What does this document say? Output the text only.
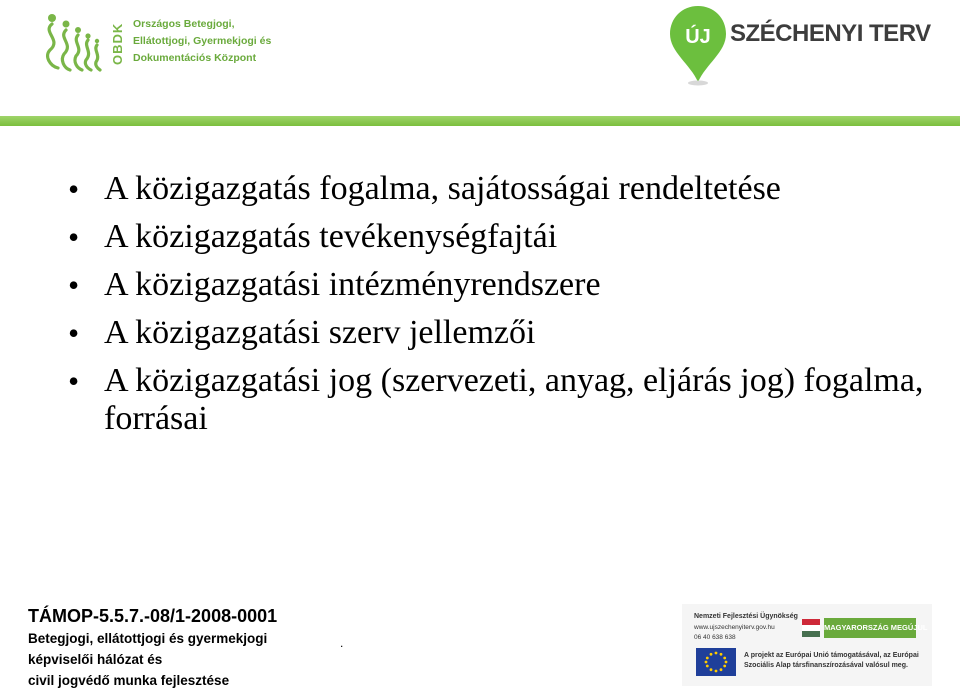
OBDK Országos Betegjogi,
Ellátottjogi, Gyermekjogi és
Dokumentációs Központ
ÚJ SZÉCHENYI TERV
• A közigazgatás fogalma, sajátosságai rendeltetése
• A közigazgatás tevékenységfajtái
• A közigazgatási intézményrendszere
• A közigazgatási szerv jellemzői
• A közigazgatási jog (szervezeti, anyag, eljárás jog) fogalma, forrásai
TÁMOP-5.5.7.-08/1-2008-0001
Betegjogi, ellátottjogi és gyermekjogi
képviselői hálózat és
civil jogvédő munka fejlesztése
.
Nemzeti Fejlesztési Ügynökség
www.ujszechenyiterv.gov.hu
06 40 638 638
MAGYARORSZÁG MEGÚJUL
A projekt az Európai Unió támogatásával, az Európai
Szociális Alap társfinanszírozásával valósul meg.
